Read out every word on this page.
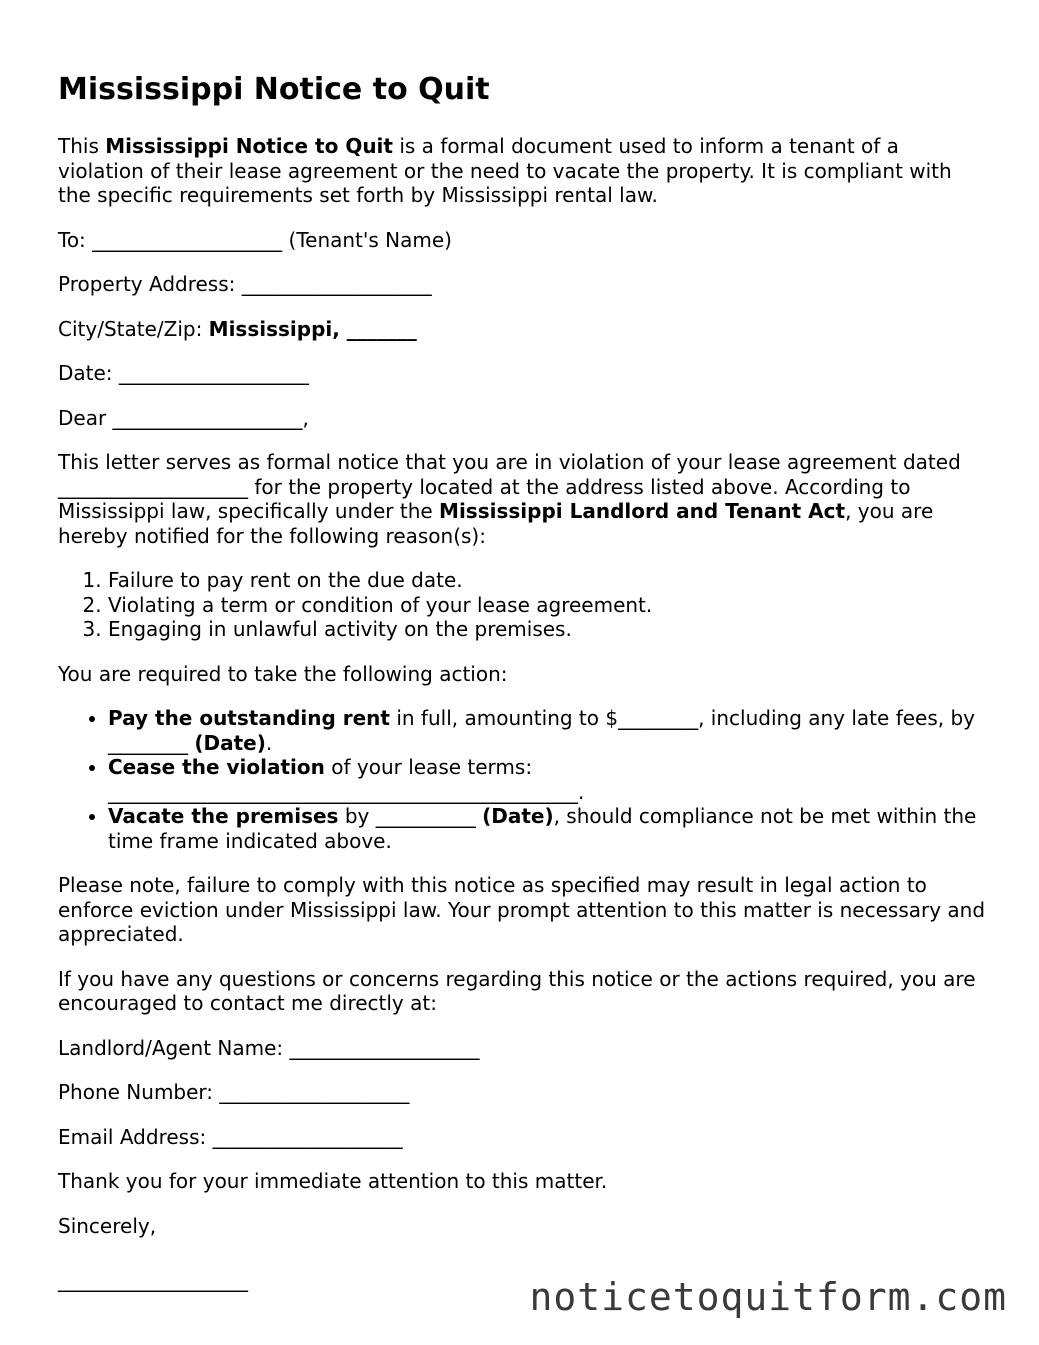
Mississippi Notice to Quit

This Mississippi Notice to Quit is a formal document used to inform a tenant of a violation of their lease agreement or the need to vacate the property. It is compliant with the specific requirements set forth by Mississippi rental law.

To: ___________________ (Tenant's Name)

Property Address: ___________________

City/State/Zip: Mississippi, _______

Date: ___________________

Dear ___________________,

This letter serves as formal notice that you are in violation of your lease agreement dated ___________________ for the property located at the address listed above. According to Mississippi law, specifically under the Mississippi Landlord and Tenant Act, you are hereby notified for the following reason(s):

1. Failure to pay rent on the due date.
2. Violating a term or condition of your lease agreement.
3. Engaging in unlawful activity on the premises.

You are required to take the following action:

• Pay the outstanding rent in full, amounting to $________, including any late fees, by ________ (Date).
• Cease the violation of your lease terms: _______________________________________________.
• Vacate the premises by __________ (Date), should compliance not be met within the time frame indicated above.

Please note, failure to comply with this notice as specified may result in legal action to enforce eviction under Mississippi law. Your prompt attention to this matter is necessary and appreciated.

If you have any questions or concerns regarding this notice or the actions required, you are encouraged to contact me directly at:

Landlord/Agent Name: ___________________

Phone Number: ___________________

Email Address: ___________________

Thank you for your immediate attention to this matter.

Sincerely,

___________________	noticetoquitform.com
